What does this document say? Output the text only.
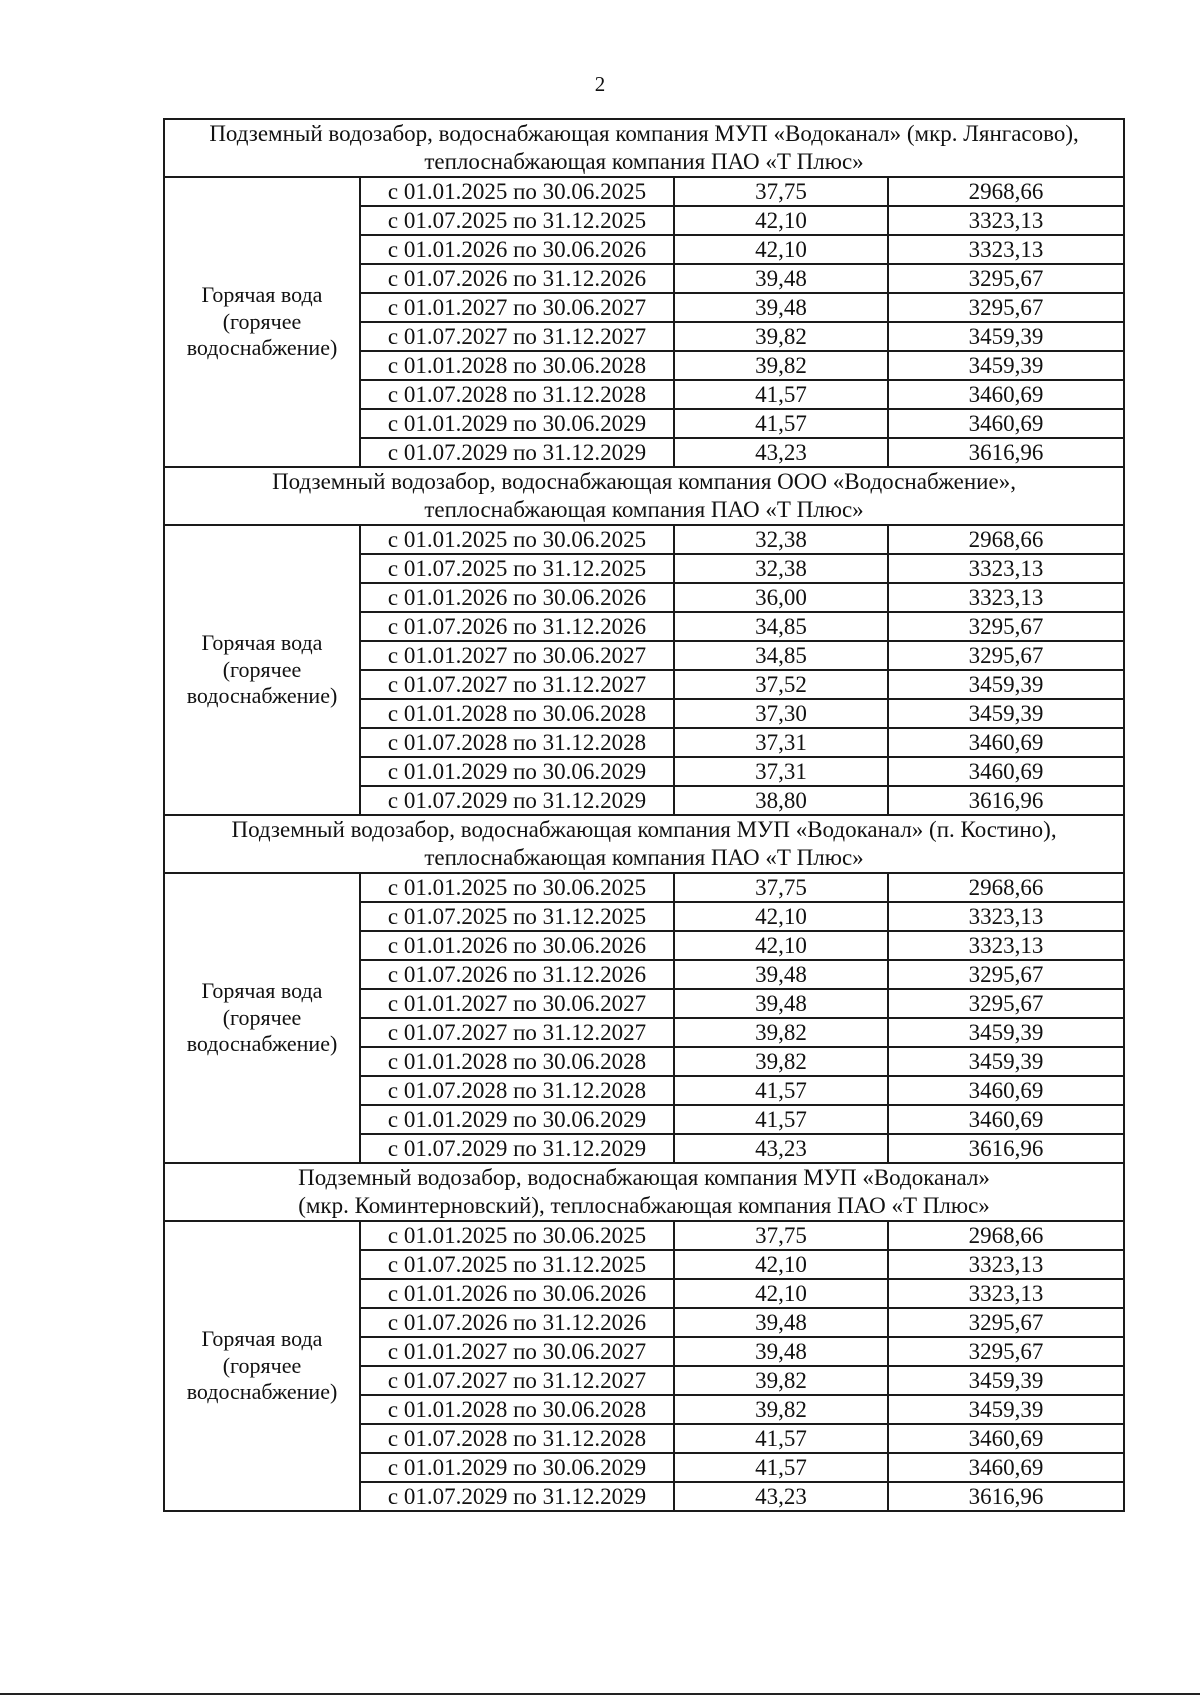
2
Подземный водозабор, водоснабжающая компания МУП «Водоканал» (мкр. Лянгасово),
теплоснабжающая компания ПАО «Т Плюс»			

Горячая вода
(горячее
водоснабжение)	с 01.01.2025 по 30.06.2025	37,75	2968,66
	с 01.07.2025 по 31.12.2025	42,10	3323,13
	с 01.01.2026 по 30.06.2026	42,10	3323,13
	с 01.07.2026 по 31.12.2026	39,48	3295,67
	с 01.01.2027 по 30.06.2027	39,48	3295,67
	с 01.07.2027 по 31.12.2027	39,82	3459,39
	с 01.01.2028 по 30.06.2028	39,82	3459,39
	с 01.07.2028 по 31.12.2028	41,57	3460,69
	с 01.01.2029 по 30.06.2029	41,57	3460,69
	с 01.07.2029 по 31.12.2029	43,23	3616,96
Подземный водозабор, водоснабжающая компания ООО «Водоснабжение»,
теплоснабжающая компания ПАО «Т Плюс»			

Горячая вода
(горячее
водоснабжение)	с 01.01.2025 по 30.06.2025	32,38	2968,66
	с 01.07.2025 по 31.12.2025	32,38	3323,13
	с 01.01.2026 по 30.06.2026	36,00	3323,13
	с 01.07.2026 по 31.12.2026	34,85	3295,67
	с 01.01.2027 по 30.06.2027	34,85	3295,67
	с 01.07.2027 по 31.12.2027	37,52	3459,39
	с 01.01.2028 по 30.06.2028	37,30	3459,39
	с 01.07.2028 по 31.12.2028	37,31	3460,69
	с 01.01.2029 по 30.06.2029	37,31	3460,69
	с 01.07.2029 по 31.12.2029	38,80	3616,96
Подземный водозабор, водоснабжающая компания МУП «Водоканал» (п. Костино),
теплоснабжающая компания ПАО «Т Плюс»			

Горячая вода
(горячее
водоснабжение)	с 01.01.2025 по 30.06.2025	37,75	2968,66
	с 01.07.2025 по 31.12.2025	42,10	3323,13
	с 01.01.2026 по 30.06.2026	42,10	3323,13
	с 01.07.2026 по 31.12.2026	39,48	3295,67
	с 01.01.2027 по 30.06.2027	39,48	3295,67
	с 01.07.2027 по 31.12.2027	39,82	3459,39
	с 01.01.2028 по 30.06.2028	39,82	3459,39
	с 01.07.2028 по 31.12.2028	41,57	3460,69
	с 01.01.2029 по 30.06.2029	41,57	3460,69
	с 01.07.2029 по 31.12.2029	43,23	3616,96
Подземный водозабор, водоснабжающая компания МУП «Водоканал»
(мкр. Коминтерновский), теплоснабжающая компания ПАО «Т Плюс»			

Горячая вода
(горячее
водоснабжение)	с 01.01.2025 по 30.06.2025	37,75	2968,66
	с 01.07.2025 по 31.12.2025	42,10	3323,13
	с 01.01.2026 по 30.06.2026	42,10	3323,13
	с 01.07.2026 по 31.12.2026	39,48	3295,67
	с 01.01.2027 по 30.06.2027	39,48	3295,67
	с 01.07.2027 по 31.12.2027	39,82	3459,39
	с 01.01.2028 по 30.06.2028	39,82	3459,39
	с 01.07.2028 по 31.12.2028	41,57	3460,69
	с 01.01.2029 по 30.06.2029	41,57	3460,69
	с 01.07.2029 по 31.12.2029	43,23	3616,96
